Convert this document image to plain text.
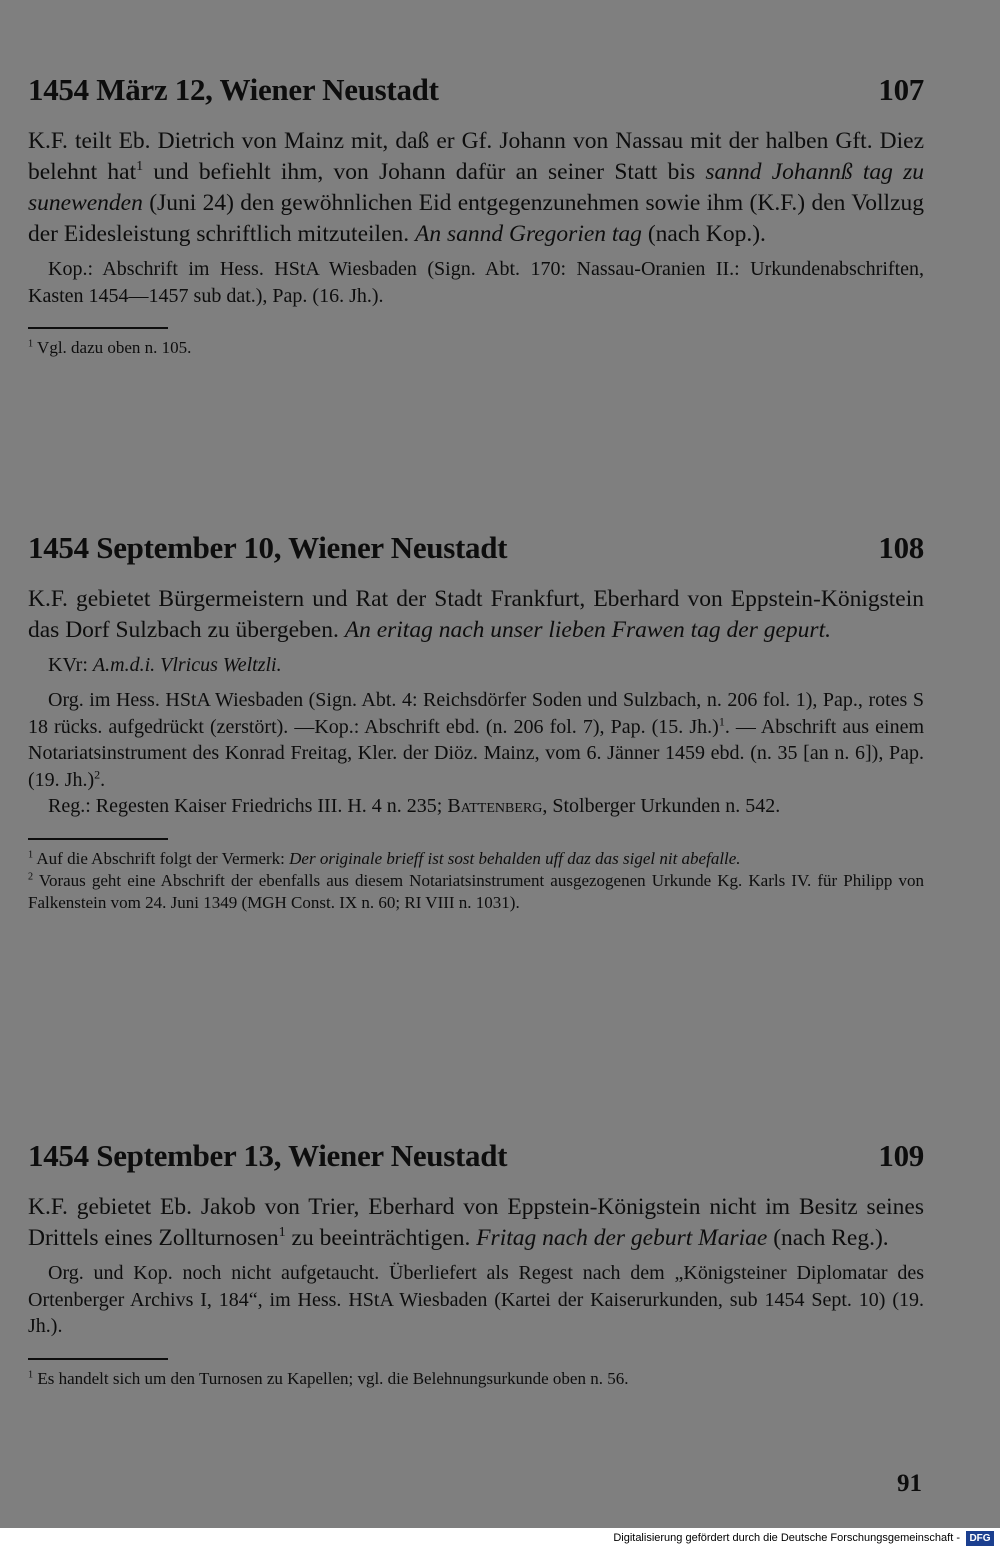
1454 März 12, Wiener Neustadt	107

K.F. teilt Eb. Dietrich von Mainz mit, daß er Gf. Johann von Nassau mit der halben Gft. Diez belehnt hat$^1$ und befiehlt ihm, von Johann dafür an seiner Statt bis sannd Johannß tag zu sunewenden (Juni 24) den gewöhnlichen Eid entgegenzunehmen sowie ihm (K.F.) den Vollzug der Eidesleistung schriftlich mitzuteilen. An sannd Gregorien tag (nach Kop.).

Kop.: Abschrift im Hess. HStA Wiesbaden (Sign. Abt. 170: Nassau-Oranien II.: Urkundenabschriften, Kasten 1454—1457 sub dat.), Pap. (16. Jh.).

$^1$ Vgl. dazu oben n. 105.

1454 September 10, Wiener Neustadt	108

K.F. gebietet Bürgermeistern und Rat der Stadt Frankfurt, Eberhard von Eppstein-Königstein das Dorf Sulzbach zu übergeben. An eritag nach unser lieben Frawen tag der gepurt.

KVr: A.m.d.i. Vlricus Weltzli.

Org. im Hess. HStA Wiesbaden (Sign. Abt. 4: Reichsdörfer Soden und Sulzbach, n. 206 fol. 1), Pap., rotes S 18 rücks. aufgedrückt (zerstört). —Kop.: Abschrift ebd. (n. 206 fol. 7), Pap. (15. Jh.)$^1$. — Abschrift aus einem Notariatsinstrument des Konrad Freitag, Kler. der Diöz. Mainz, vom 6. Jänner 1459 ebd. (n. 35 [an n. 6]), Pap. (19. Jh.)$^2$.

Reg.: Regesten Kaiser Friedrichs III. H. 4 n. 235; Battenberg, Stolberger Urkunden n. 542.

$^1$ Auf die Abschrift folgt der Vermerk: Der originale brieff ist sost behalden uff daz das sigel nit abefalle.

$^2$ Voraus geht eine Abschrift der ebenfalls aus diesem Notariatsinstrument ausgezogenen Urkunde Kg. Karls IV. für Philipp von Falkenstein vom 24. Juni 1349 (MGH Const. IX n. 60; RI VIII n. 1031).

1454 September 13, Wiener Neustadt	109

K.F. gebietet Eb. Jakob von Trier, Eberhard von Eppstein-Königstein nicht im Besitz seines Drittels eines Zollturnosen$^1$ zu beeinträchtigen. Fritag nach der geburt Mariae (nach Reg.).

Org. und Kop. noch nicht aufgetaucht. Überliefert als Regest nach dem „Königsteiner Diplomatar des Ortenberger Archivs I, 184“, im Hess. HStA Wiesbaden (Kartei der Kaiserurkunden, sub 1454 Sept. 10) (19. Jh.).

$^1$ Es handelt sich um den Turnosen zu Kapellen; vgl. die Belehnungsurkunde oben n. 56.

91
Digitalisierung gefördert durch die Deutsche Forschungsgemeinschaft - DFG
